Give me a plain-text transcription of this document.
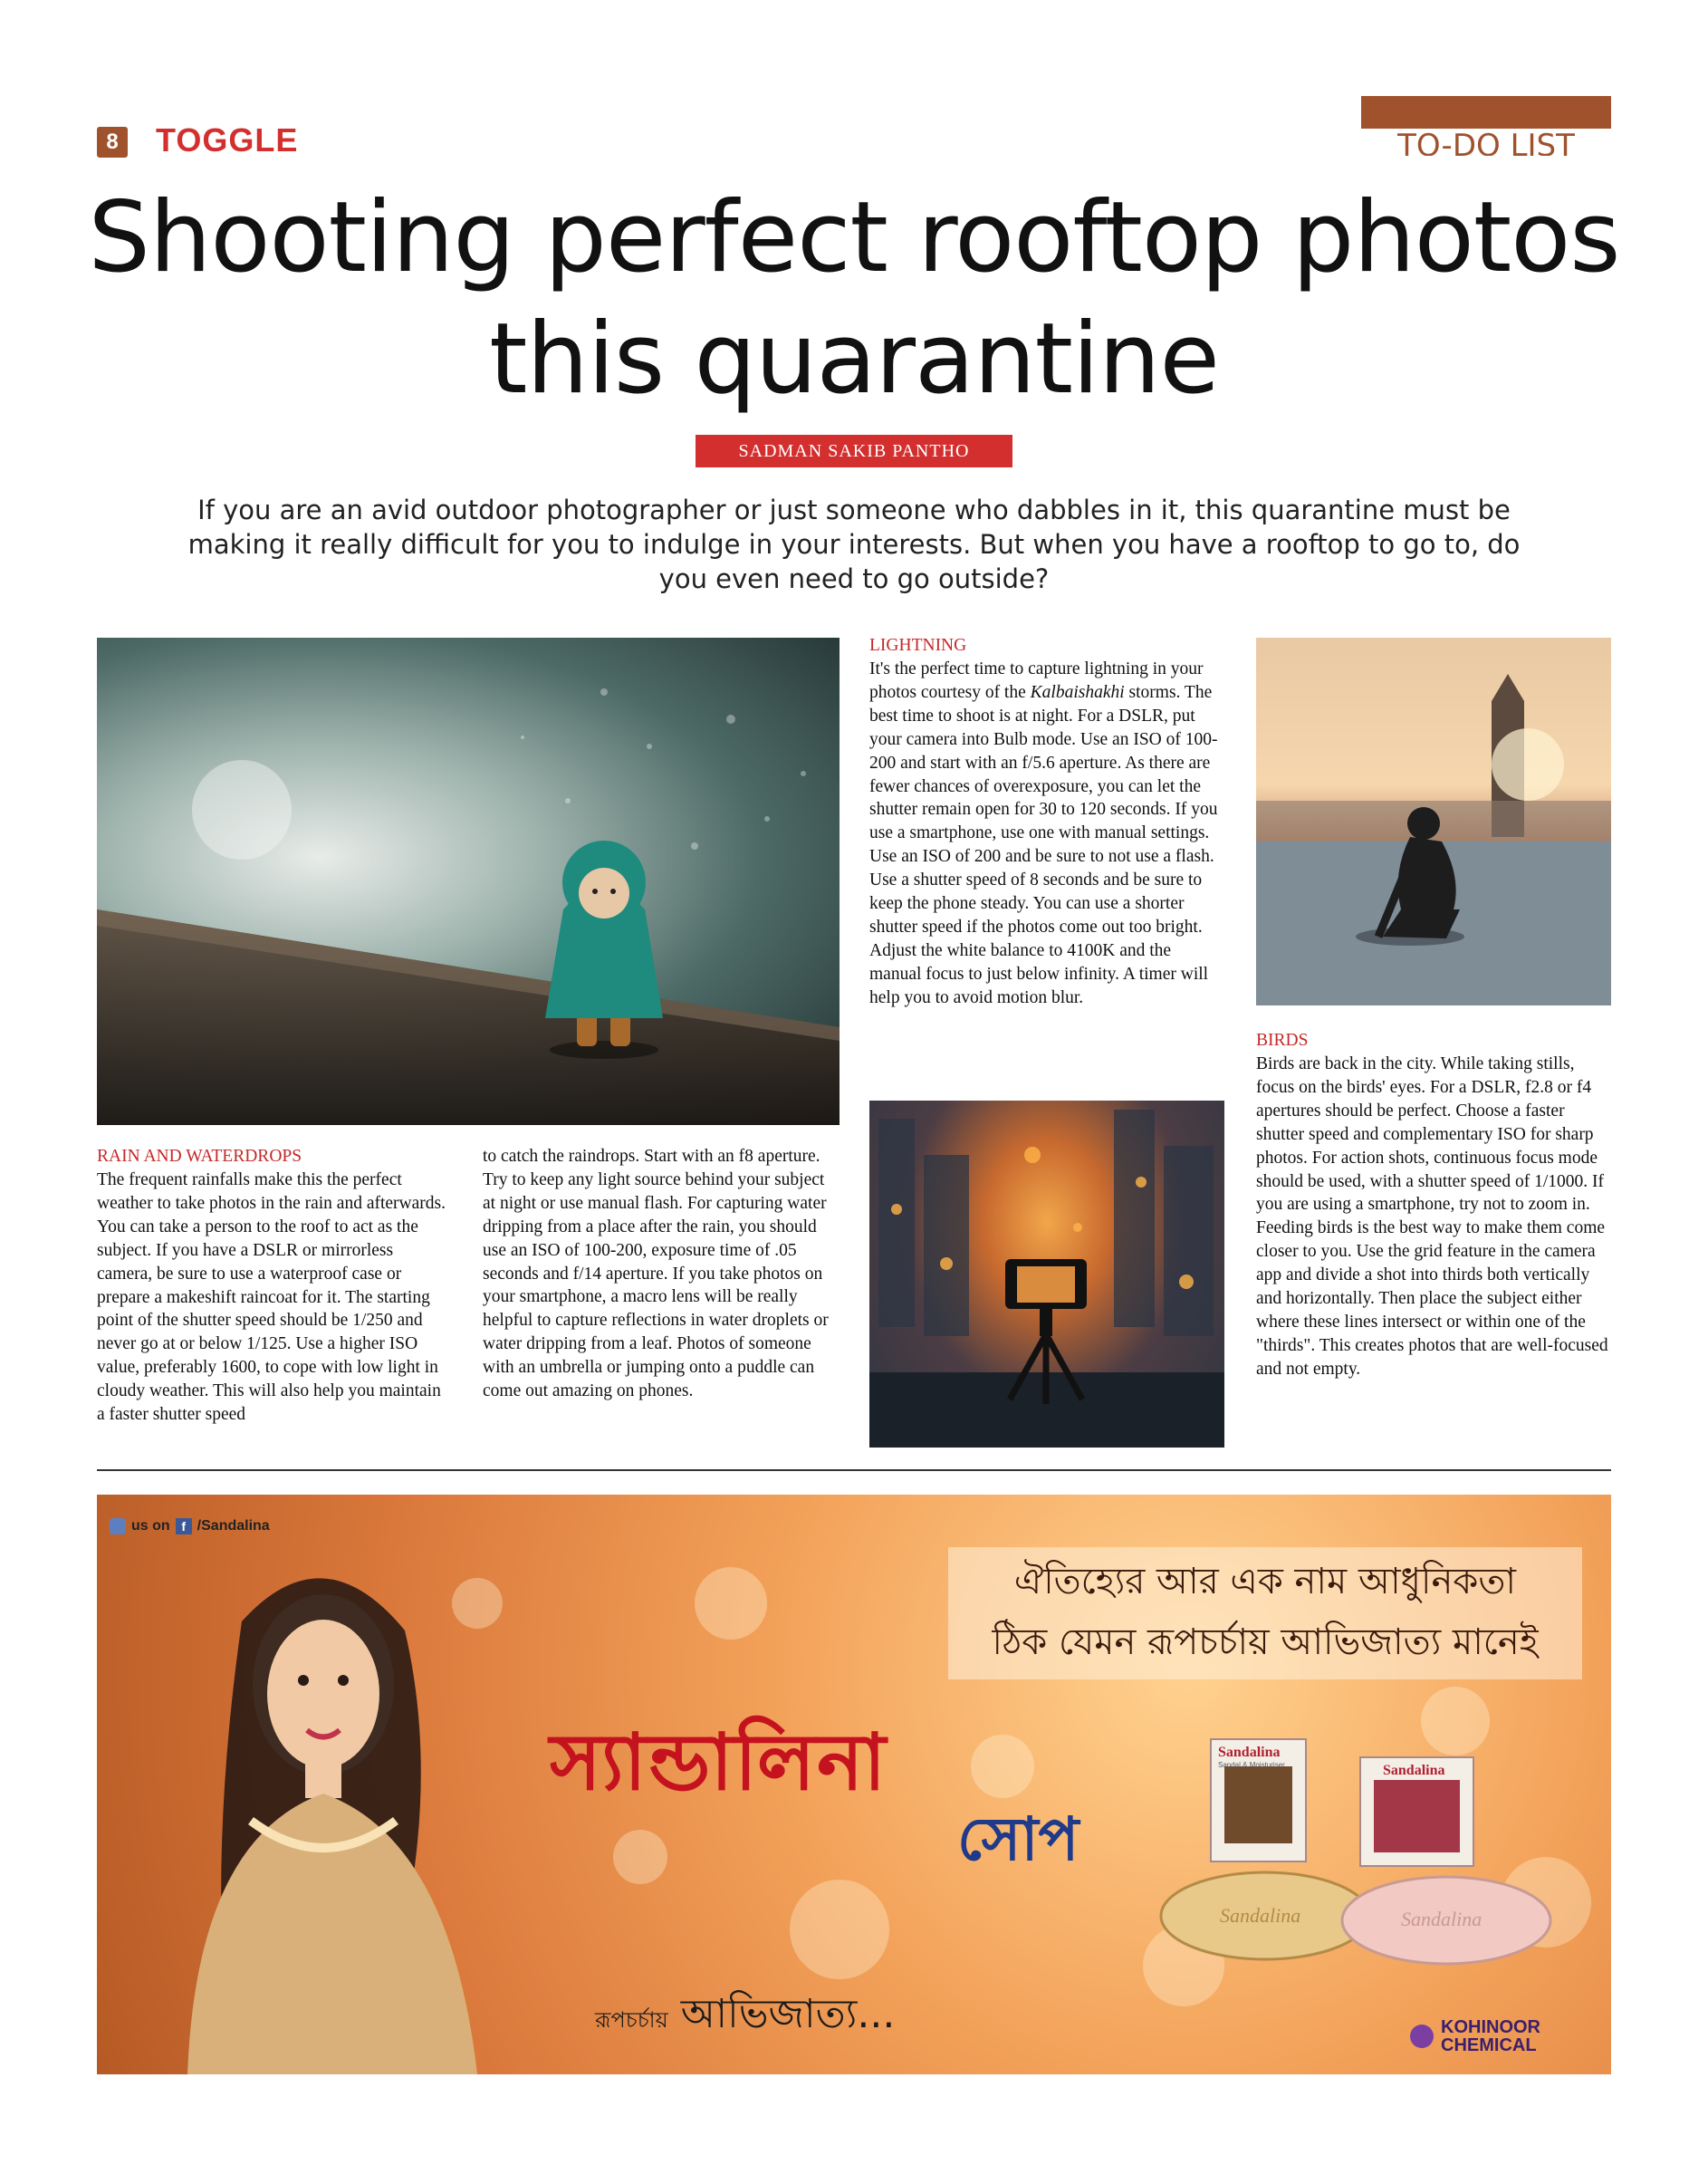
8 TOGGLE	TO-DO LIST
Shooting perfect rooftop photos
this quarantine
SADMAN SAKIB PANTHO
If you are an avid outdoor photographer or just someone who dabbles in it, this quarantine must be making it really difficult for you to indulge in your interests. But when you have a rooftop to go to, do you even need to go outside?
RAIN AND WATERDROPS

The frequent rainfalls make this the perfect weather to take photos in the rain and afterwards. You can take a person to the roof to act as the subject. If you have a DSLR or mirrorless camera, be sure to use a waterproof case or prepare a makeshift raincoat for it. The starting point of the shutter speed should be 1/250 and never go at or below 1/125. Use a higher ISO value, preferably 1600, to cope with low light in cloudy weather. This will also help you maintain a faster shutter speed

to catch the raindrops. Start with an f8 aperture. Try to keep any light source behind your subject at night or use manual flash. For capturing water dripping from a place after the rain, you should use an ISO of 100-200, exposure time of .05 seconds and f/14 aperture. If you take photos on your smartphone, a macro lens will be really helpful to capture reflections in water droplets or water dripping from a leaf. Photos of someone with an umbrella or jumping onto a puddle can come out amazing on phones.

LIGHTNING

It's the perfect time to capture lightning in your photos courtesy of the Kalbaishakhi storms. The best time to shoot is at night. For a DSLR, put your camera into Bulb mode. Use an ISO of 100-200 and start with an f/5.6 aperture. As there are fewer chances of overexposure, you can let the shutter remain open for 30 to 120 seconds. If you use a smartphone, use one with manual settings. Use an ISO of 200 and be sure to not use a flash. Use a shutter speed of 8 seconds and be sure to keep the phone steady. You can use a shorter shutter speed if the photos come out too bright. Adjust the white balance to 4100K and the manual focus to just below infinity. A timer will help you to avoid motion blur.

BIRDS

Birds are back in the city. While taking stills, focus on the birds' eyes. For a DSLR, f2.8 or f4 apertures should be perfect. Choose a faster shutter speed and complementary ISO for sharp photos. For action shots, continuous focus mode should be used, with a shutter speed of 1/1000. If you are using a smartphone, try not to zoom in. Feeding birds is the best way to make them come closer to you. Use the grid feature in the camera app and divide a shot into thirds both vertically and horizontally. Then place the subject either where these lines intersect or within one of the "thirds". This creates photos that are well-focused and not empty.

us on f /Sandalina
ঐতিহ্যের আর এক নাম আধুনিকতা
ঠিক যেমন রূপচর্চায় আভিজাত্য মানেই
স্যান্ডালিনা
সোপ
রূপচর্চায় আভিজাত্য...
Sandalina
Sandal & Moisturiser	Sandalina
Sandalina	Sandalina
KOHINOOR
CHEMICAL
